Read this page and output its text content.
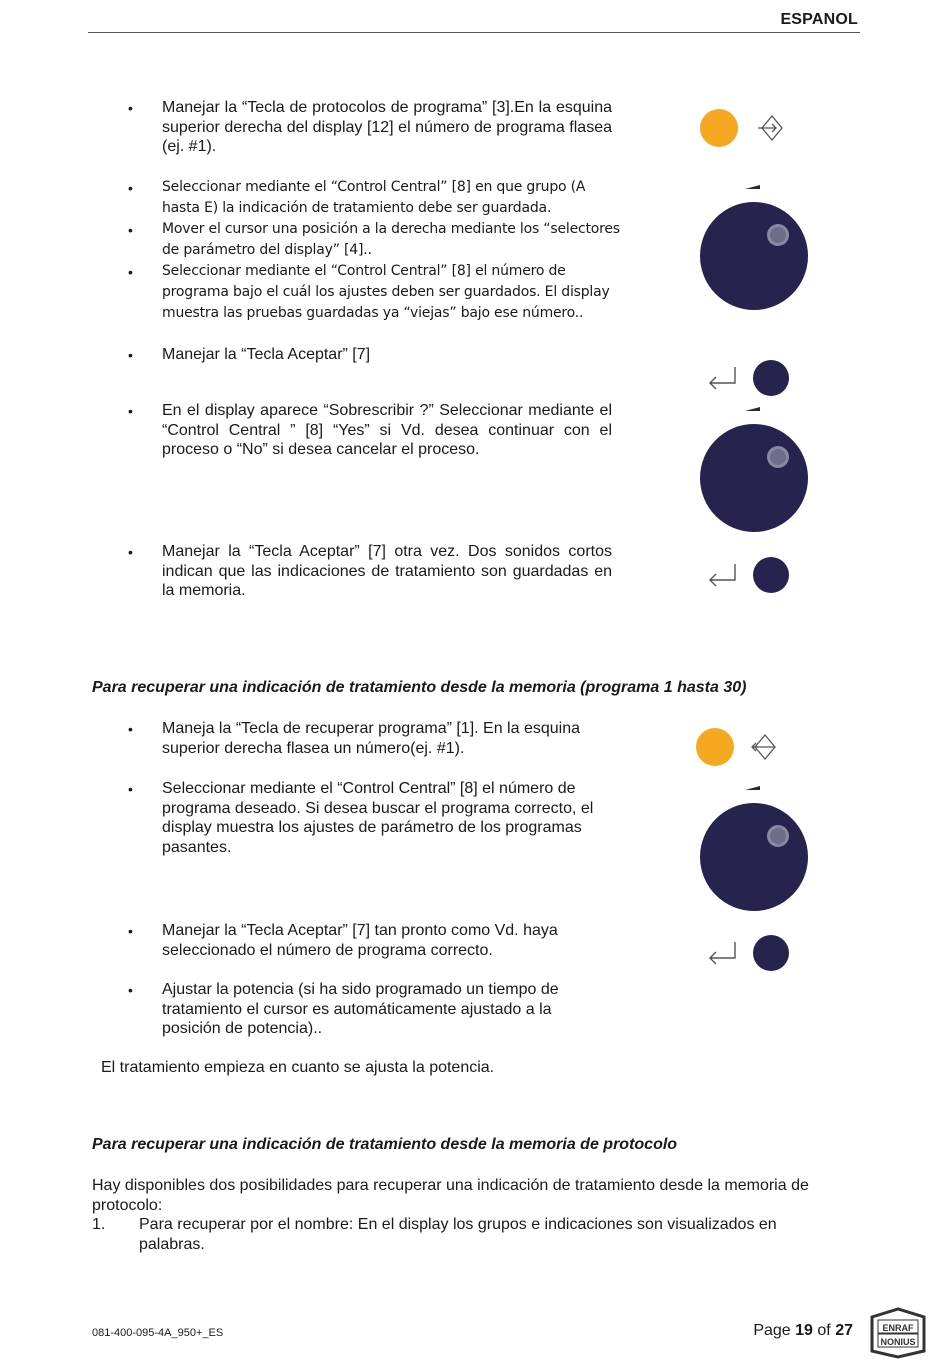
ESPANOL
• Manejar la “Tecla de protocolos de programa” [3].En la esquina superior derecha del display [12] el número de programa flasea (ej. #1).
• Seleccionar mediante el “Control Central” [8] en que grupo (A hasta E) la indicación de tratamiento debe ser guardada.
• Mover el cursor una posición a la derecha mediante los “selectores de parámetro del display” [4]..
• Seleccionar mediante el “Control Central” [8] el número de programa bajo el cuál los ajustes deben ser guardados. El display muestra las pruebas guardadas ya “viejas” bajo ese número..
• Manejar la “Tecla Aceptar” [7]
• En el display aparece “Sobrescribir ?” Seleccionar mediante el “Control Central ” [8] “Yes” si Vd. desea continuar con el proceso o “No” si desea cancelar el proceso.
• Manejar la “Tecla Aceptar” [7] otra vez. Dos sonidos cortos indican que las indicaciones de tratamiento son guardadas en la memoria.
Para recuperar una indicación de tratamiento desde la memoria (programa 1 hasta 30)
• Maneja la “Tecla de recuperar programa” [1]. En la esquina superior derecha flasea un número(ej. #1).
• Seleccionar mediante el “Control Central” [8] el número de programa deseado. Si desea buscar el programa correcto, el display muestra los ajustes de parámetro de los programas pasantes.
• Manejar la “Tecla Aceptar” [7] tan pronto como Vd. haya seleccionado el número de programa correcto.
• Ajustar la potencia (si ha sido programado un tiempo de tratamiento el cursor es automáticamente ajustado a la posición de potencia)..
El tratamiento empieza en cuanto se ajusta la potencia.
Para recuperar una indicación de tratamiento desde la memoria de protocolo
Hay disponibles dos posibilidades para recuperar una indicación de tratamiento desde la memoria de protocolo:
1. Para recuperar por el nombre: En el display los grupos e indicaciones son visualizados en palabras.
081-400-095-4A_950+_ES	Page 19 of 27	ENRAF
NONIUS
